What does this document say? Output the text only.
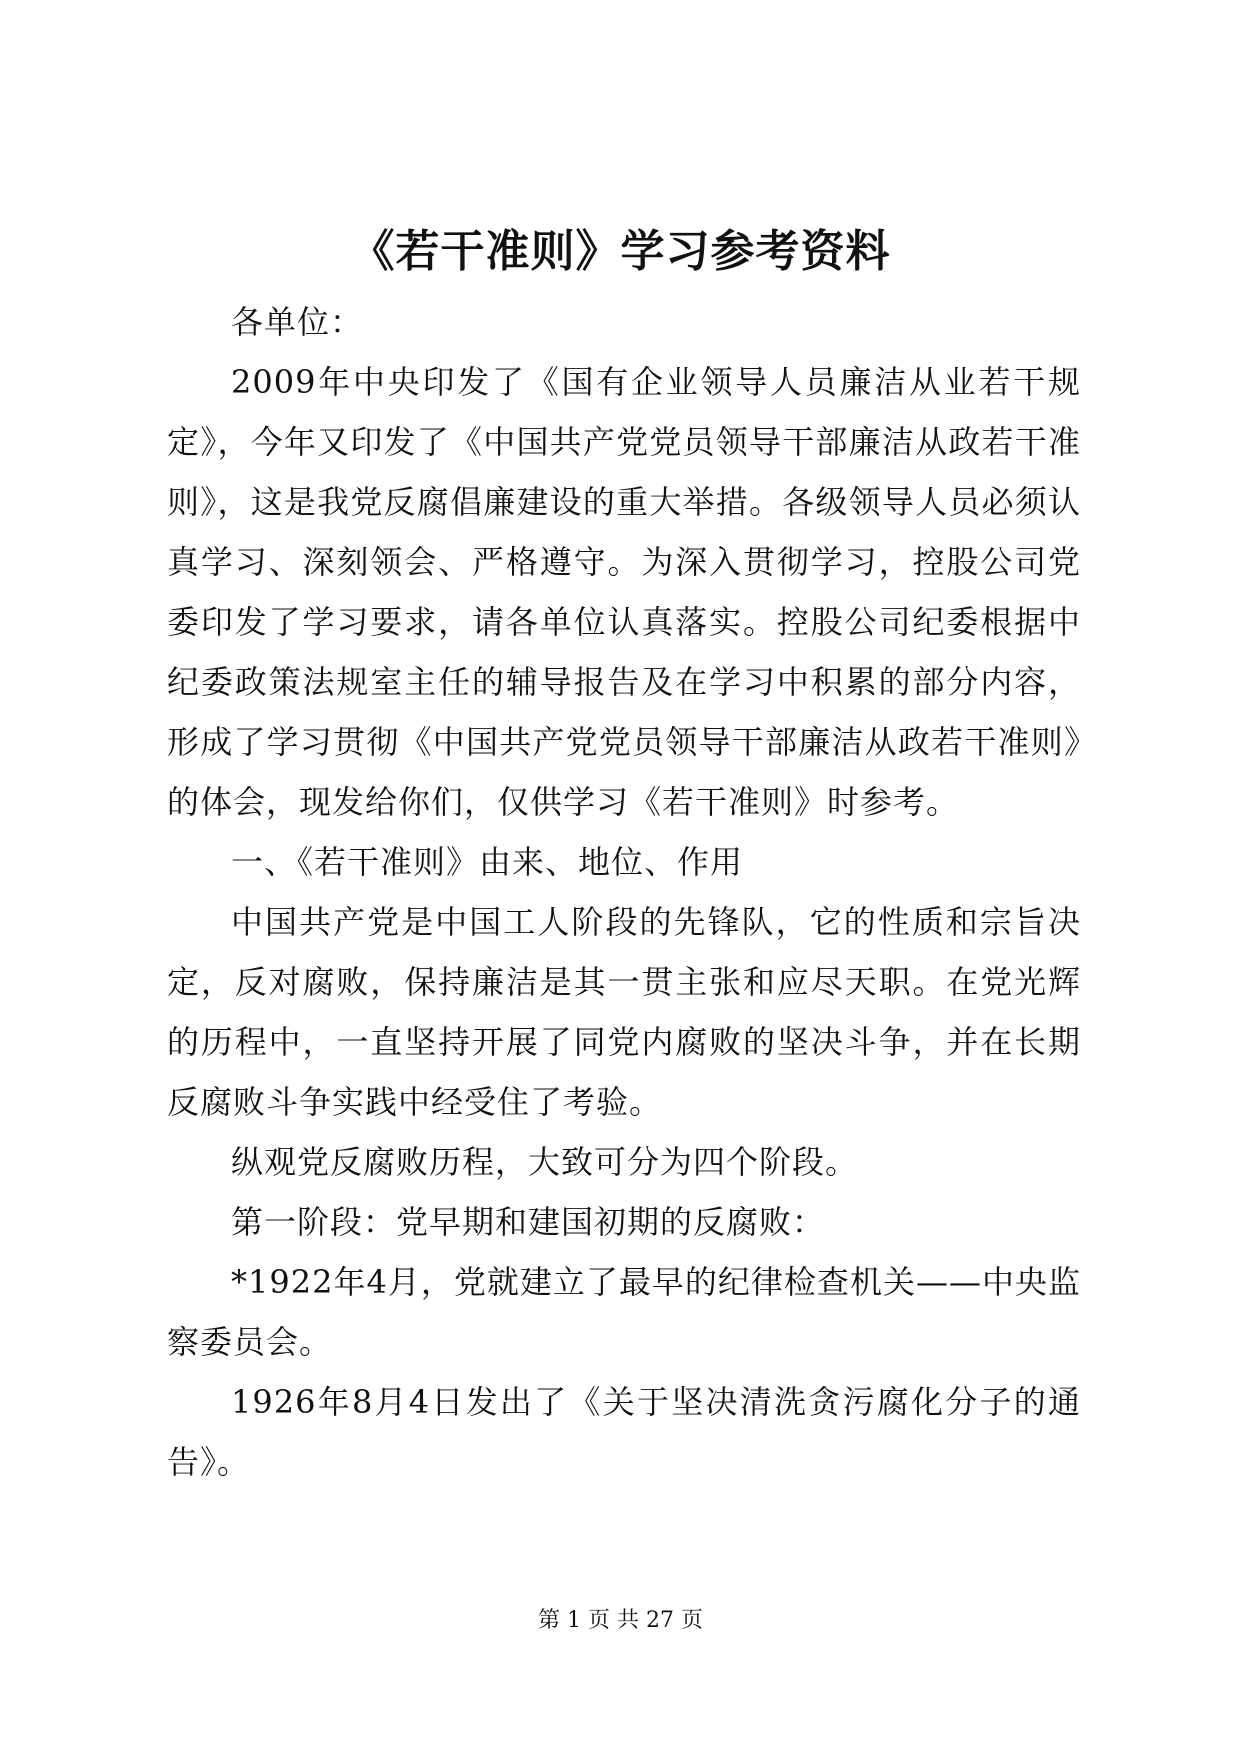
《若干准则》学习参考资料

各单位：

2009年中央印发了《国有企业领导人员廉洁从业若干规定》，今年又印发了《中国共产党党员领导干部廉洁从政若干准则》，这是我党反腐倡廉建设的重大举措。各级领导人员必须认真学习、深刻领会、严格遵守。为深入贯彻学习，控股公司党委印发了学习要求，请各单位认真落实。控股公司纪委根据中纪委政策法规室主任的辅导报告及在学习中积累的部分内容，形成了学习贯彻《中国共产党党员领导干部廉洁从政若干准则》的体会，现发给你们，仅供学习《若干准则》时参考。

一、《若干准则》由来、地位、作用

中国共产党是中国工人阶段的先锋队，它的性质和宗旨决定，反对腐败，保持廉洁是其一贯主张和应尽天职。在党光辉的历程中，一直坚持开展了同党内腐败的坚决斗争，并在长期反腐败斗争实践中经受住了考验。

纵观党反腐败历程，大致可分为四个阶段。

第一阶段：党早期和建国初期的反腐败：

*1922年4月，党就建立了最早的纪律检查机关——中央监察委员会。

1926年8月4日发出了《关于坚决清洗贪污腐化分子的通告》。

第 1 页 共 27 页
